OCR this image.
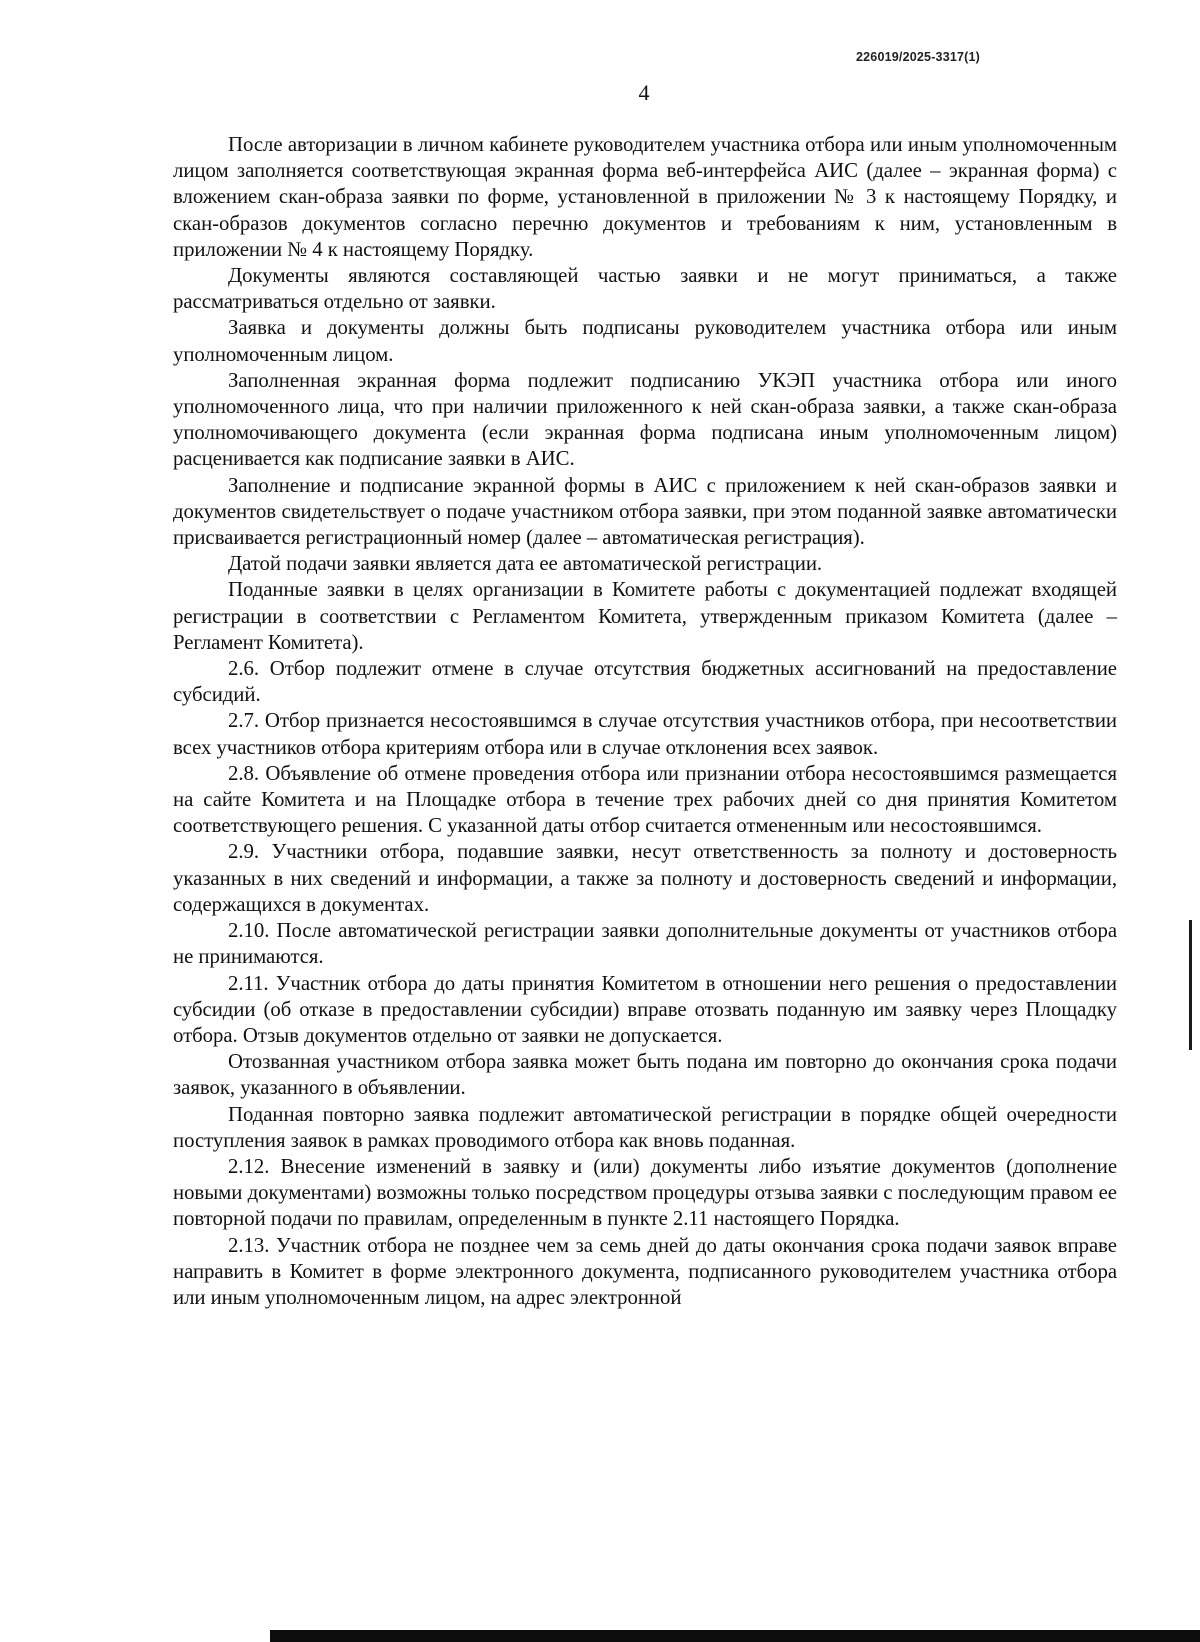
226019/2025-3317(1)
4

После авторизации в личном кабинете руководителем участника отбора или иным уполномоченным лицом заполняется соответствующая экранная форма веб-интерфейса АИС (далее – экранная форма) с вложением скан-образа заявки по форме, установленной в приложении № 3 к настоящему Порядку, и скан-образов документов согласно перечню документов и требованиям к ним, установленным в приложении № 4 к настоящему Порядку.

Документы являются составляющей частью заявки и не могут приниматься, а также рассматриваться отдельно от заявки.

Заявка и документы должны быть подписаны руководителем участника отбора или иным уполномоченным лицом.

Заполненная экранная форма подлежит подписанию УКЭП участника отбора или иного уполномоченного лица, что при наличии приложенного к ней скан-образа заявки, а также скан-образа уполномочивающего документа (если экранная форма подписана иным уполномоченным лицом) расценивается как подписание заявки в АИС.

Заполнение и подписание экранной формы в АИС с приложением к ней скан-образов заявки и документов свидетельствует о подаче участником отбора заявки, при этом поданной заявке автоматически присваивается регистрационный номер (далее – автоматическая регистрация).

Датой подачи заявки является дата ее автоматической регистрации.

Поданные заявки в целях организации в Комитете работы с документацией подлежат входящей регистрации в соответствии с Регламентом Комитета, утвержденным приказом Комитета (далее – Регламент Комитета).

2.6. Отбор подлежит отмене в случае отсутствия бюджетных ассигнований на предоставление субсидий.

2.7. Отбор признается несостоявшимся в случае отсутствия участников отбора, при несоответствии всех участников отбора критериям отбора или в случае отклонения всех заявок.

2.8. Объявление об отмене проведения отбора или признании отбора несостоявшимся размещается на сайте Комитета и на Площадке отбора в течение трех рабочих дней со дня принятия Комитетом соответствующего решения. С указанной даты отбор считается отмененным или несостоявшимся.

2.9. Участники отбора, подавшие заявки, несут ответственность за полноту и достоверность указанных в них сведений и информации, а также за полноту и достоверность сведений и информации, содержащихся в документах.

2.10. После автоматической регистрации заявки дополнительные документы от участников отбора не принимаются.

2.11. Участник отбора до даты принятия Комитетом в отношении него решения о предоставлении субсидии (об отказе в предоставлении субсидии) вправе отозвать поданную им заявку через Площадку отбора. Отзыв документов отдельно от заявки не допускается.

Отозванная участником отбора заявка может быть подана им повторно до окончания срока подачи заявок, указанного в объявлении.

Поданная повторно заявка подлежит автоматической регистрации в порядке общей очередности поступления заявок в рамках проводимого отбора как вновь поданная.

2.12. Внесение изменений в заявку и (или) документы либо изъятие документов (дополнение новыми документами) возможны только посредством процедуры отзыва заявки с последующим правом ее повторной подачи по правилам, определенным в пункте 2.11 настоящего Порядка.

2.13. Участник отбора не позднее чем за семь дней до даты окончания срока подачи заявок вправе направить в Комитет в форме электронного документа, подписанного руководителем участника отбора или иным уполномоченным лицом, на адрес электронной
